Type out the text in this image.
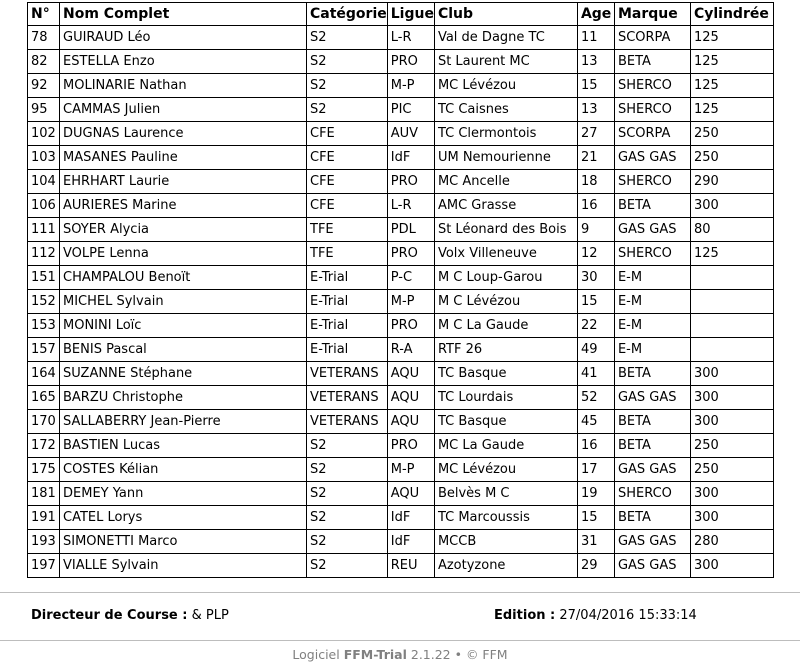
N°	Nom Complet	Catégorie	Ligue	Club	Age	Marque	Cylindrée
78	GUIRAUD Léo	S2	L-R	Val de Dagne TC	11	SCORPA	125
82	ESTELLA Enzo	S2	PRO	St Laurent MC	13	BETA	125
92	MOLINARIE Nathan	S2	M-P	MC Lévézou	15	SHERCO	125
95	CAMMAS Julien	S2	PIC	TC Caisnes	13	SHERCO	125
102	DUGNAS Laurence	CFE	AUV	TC Clermontois	27	SCORPA	250
103	MASANES Pauline	CFE	IdF	UM Nemourienne	21	GAS GAS	250
104	EHRHART Laurie	CFE	PRO	MC Ancelle	18	SHERCO	290
106	AURIERES Marine	CFE	L-R	AMC Grasse	16	BETA	300
111	SOYER Alycia	TFE	PDL	St Léonard des Bois	9	GAS GAS	80
112	VOLPE Lenna	TFE	PRO	Volx Villeneuve	12	SHERCO	125
151	CHAMPALOU Benoït	E-Trial	P-C	M C Loup-Garou	30	E-M	
152	MICHEL Sylvain	E-Trial	M-P	M C Lévézou	15	E-M	
153	MONINI Loïc	E-Trial	PRO	M C La Gaude	22	E-M	
157	BENIS Pascal	E-Trial	R-A	RTF 26	49	E-M	
164	SUZANNE Stéphane	VETERANS	AQU	TC Basque	41	BETA	300
165	BARZU Christophe	VETERANS	AQU	TC Lourdais	52	GAS GAS	300
170	SALLABERRY Jean-Pierre	VETERANS	AQU	TC Basque	45	BETA	300
172	BASTIEN Lucas	S2	PRO	MC La Gaude	16	BETA	250
175	COSTES Kélian	S2	M-P	MC Lévézou	17	GAS GAS	250
181	DEMEY Yann	S2	AQU	Belvès M C	19	SHERCO	300
191	CATEL Lorys	S2	IdF	TC Marcoussis	15	BETA	300
193	SIMONETTI Marco	S2	IdF	MCCB	31	GAS GAS	280
197	VIALLE Sylvain	S2	REU	Azotyzone	29	GAS GAS	300
Directeur de Course : & PLP	Edition : 27/04/2016 15:33:14
Logiciel FFM-Trial 2.1.22 • © FFM
